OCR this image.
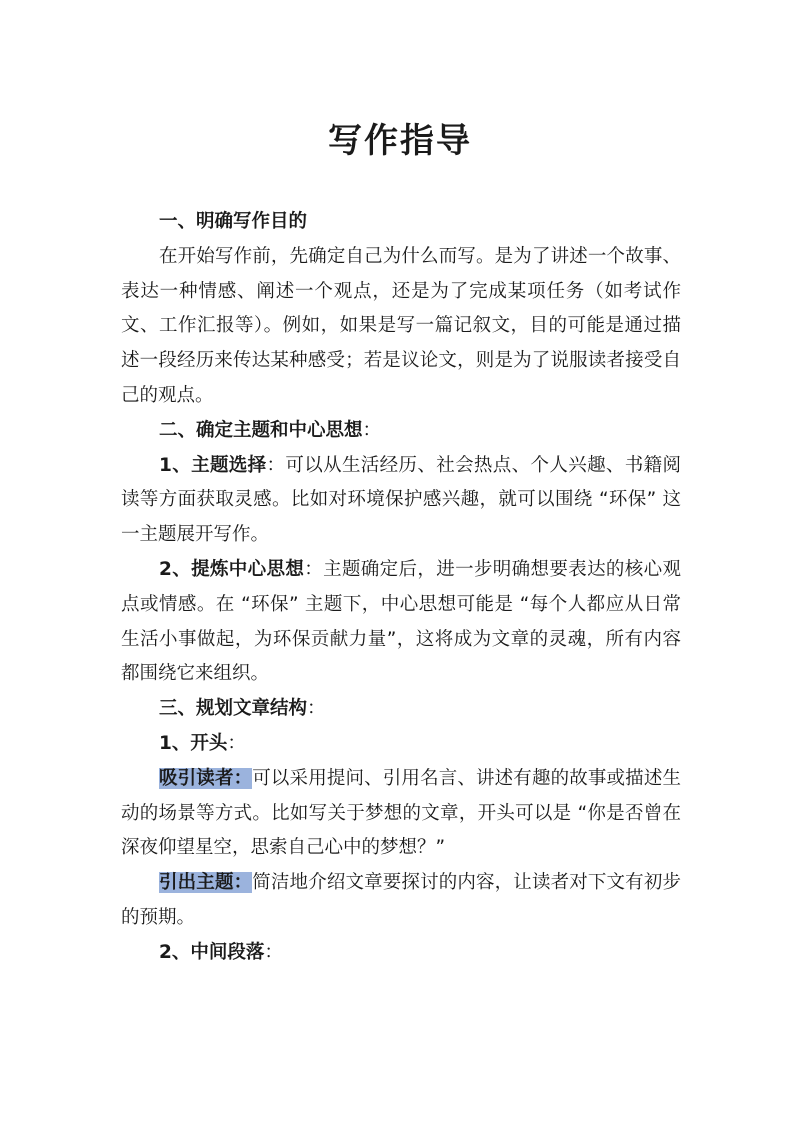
写作指导

一、明确写作目的

在开始写作前，先确定自己为什么而写。是为了讲述一个故事、表达一种情感、阐述一个观点，还是为了完成某项任务（如考试作文、工作汇报等）。例如，如果是写一篇记叙文，目的可能是通过描述一段经历来传达某种感受；若是议论文，则是为了说服读者接受自己的观点。

二、确定主题和中心思想：

1、主题选择：可以从生活经历、社会热点、个人兴趣、书籍阅读等方面获取灵感。比如对环境保护感兴趣，就可以围绕 “环保” 这一主题展开写作。

2、提炼中心思想：主题确定后，进一步明确想要表达的核心观点或情感。在 “环保” 主题下，中心思想可能是 “每个人都应从日常生活小事做起，为环保贡献力量”，这将成为文章的灵魂，所有内容都围绕它来组织。

三、规划文章结构：

1、开头：

吸引读者：可以采用提问、引用名言、讲述有趣的故事或描述生动的场景等方式。比如写关于梦想的文章，开头可以是 “你是否曾在深夜仰望星空，思索自己心中的梦想？”

引出主题：简洁地介绍文章要探讨的内容，让读者对下文有初步的预期。

2、中间段落：
